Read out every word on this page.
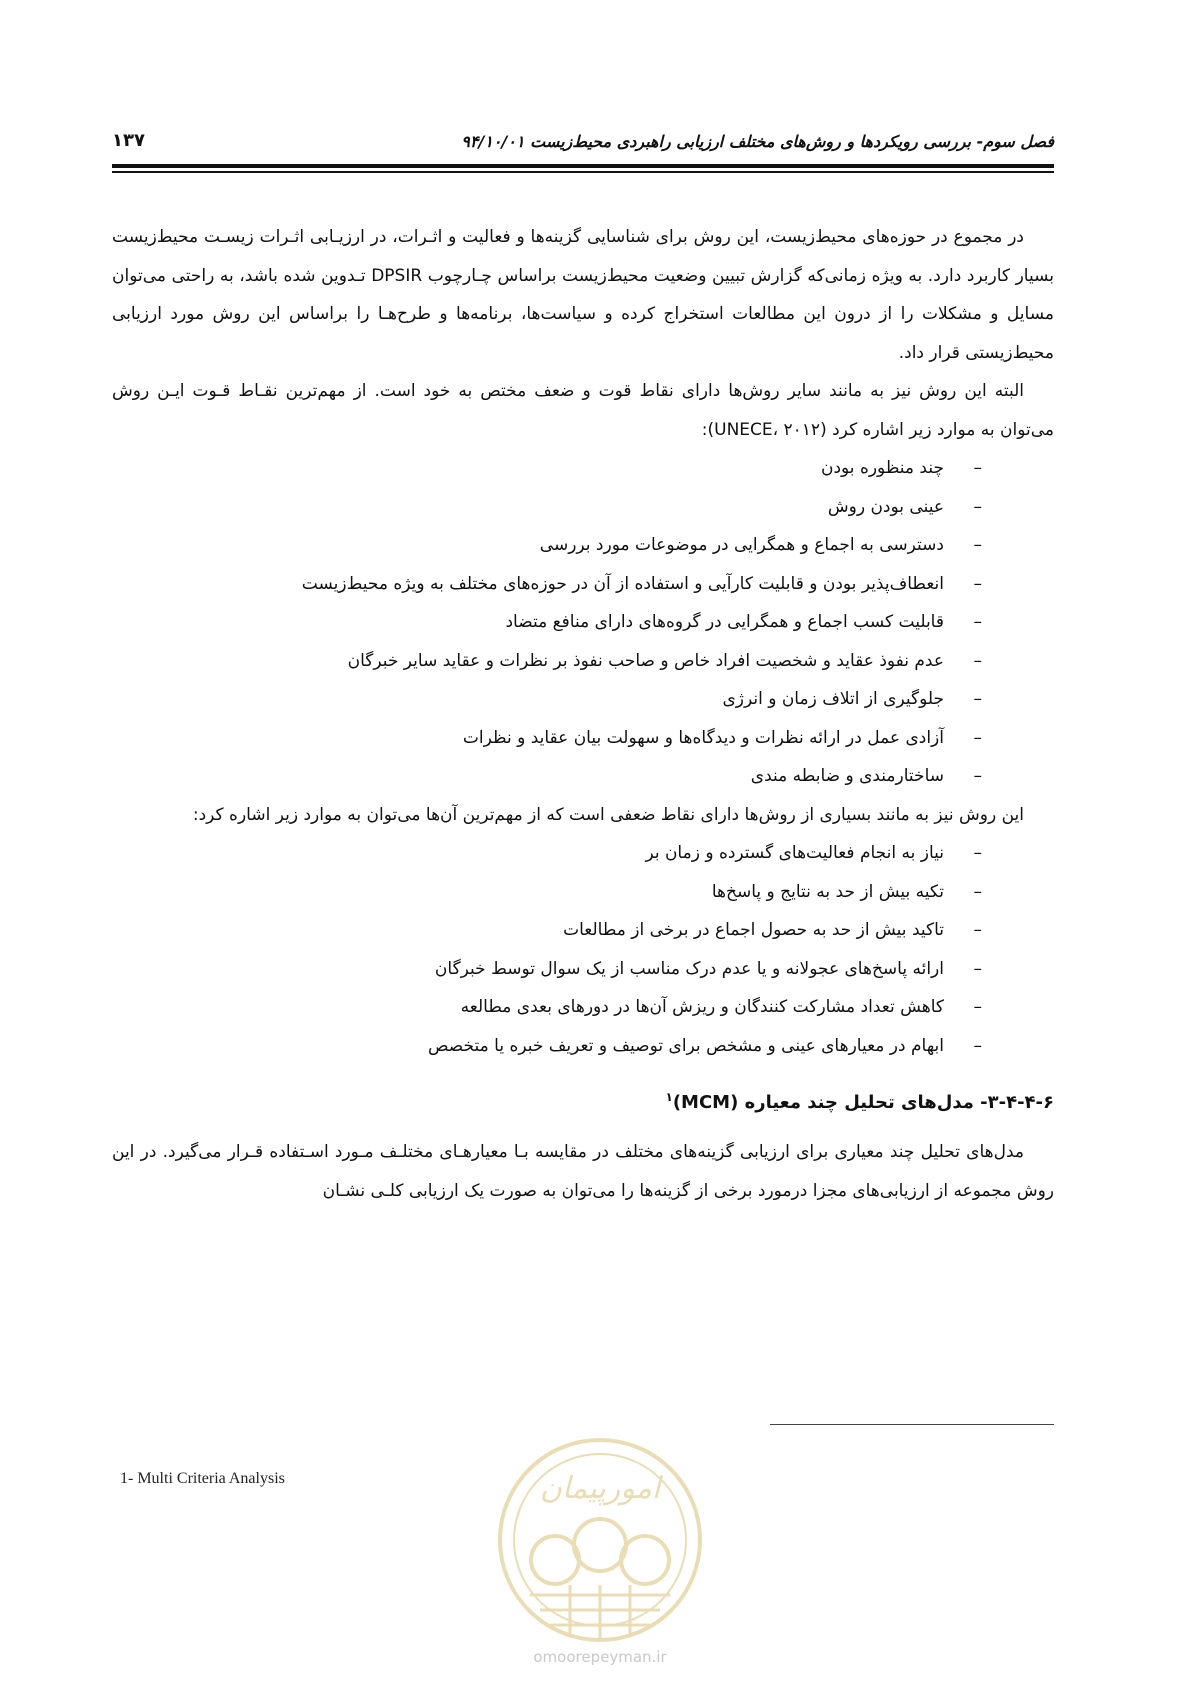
فصل سوم- بررسی رویکردها و روش‌های مختلف ارزیابی راهبردی محیط‌زیست ۹۴/۱۰/۰۱
۱۳۷

در مجموع در حوزه‌های محیط‌زیست، این روش برای شناسایی گزینه‌ها و فعالیت و اثـرات، در ارزیـابی اثـرات زیسـت محیط‌زیست بسیار کاربرد دارد. به ویژه زمانی‌که گزارش تبیین وضعیت محیط‌زیست براساس چـارچوب DPSIR تـدوین شده باشد، به راحتی می‌توان مسایل و مشکلات را از درون این مطالعات استخراج کرده و سیاست‌ها، برنامه‌ها و طرح‌هـا را براساس این روش مورد ارزیابی محیط‌زیستی قرار داد.

البته این روش نیز به مانند سایر روش‌ها دارای نقاط قوت و ضعف مختص به خود است. از مهم‌ترین نقـاط قـوت ایـن روش می‌توان به موارد زیر اشاره کرد (UNECE، ۲۰۱۲):

–
چند منظوره بودن
–
عینی بودن روش
–
دسترسی به اجماع و همگرایی در موضوعات مورد بررسی
–
انعطاف‌پذیر بودن و قابلیت کارآیی و استفاده از آن در حوزه‌های مختلف به ویژه محیط‌زیست
–
قابلیت کسب اجماع و همگرایی در گروه‌های دارای منافع متضاد
–
عدم نفوذ عقاید و شخصیت افراد خاص و صاحب نفوذ بر نظرات و عقاید سایر خبرگان
–
جلوگیری از اتلاف زمان و انرژی
–
آزادی عمل در ارائه نظرات و دیدگاه‌ها و سهولت بیان عقاید و نظرات
–
ساختارمندی و ضابطه مندی

این روش نیز به مانند بسیاری از روش‌ها دارای نقاط ضعفی است که از مهم‌ترین آن‌ها می‌توان به موارد زیر اشاره کرد:

–
نیاز به انجام فعالیت‌های گسترده و زمان بر
–
تکیه بیش از حد به نتایج و پاسخ‌ها
–
تاکید بیش از حد به حصول اجماع در برخی از مطالعات
–
ارائه پاسخ‌های عجولانه و یا عدم درک مناسب از یک سوال توسط خبرگان
–
کاهش تعداد مشارکت کنندگان و ریزش آن‌ها در دورهای بعدی مطالعه
–
ابهام در معیارهای عینی و مشخص برای توصیف و تعریف خبره یا متخصص
۳-۴-۴-۶- مدل‌های تحلیل چند معیاره (MCM)$^۱$

مدل‌های تحلیل چند معیاری برای ارزیابی گزینه‌های مختلف در مقایسه بـا معیارهـای مختلـف مـورد اسـتفاده قـرار می‌گیرد. در این روش مجموعه از ارزیابی‌های مجزا درمورد برخی از گزینه‌ها را می‌توان به صورت یک ارزیابی کلـی نشـان

1- Multi Criteria Analysis	امورپیمان
omoorepeyman.ir
